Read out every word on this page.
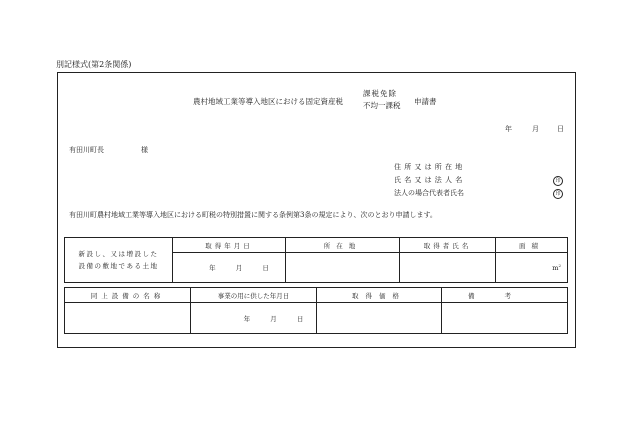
別記様式(第2条関係)
農村地域工業等導入地区における固定資産税
課税免除
不均一課税 申請書
年	月	日
有田川町長	様
住所又は所在地
氏名又は法人名	印
法人の場合代表者氏名	印
有田川町農村地域工業等導入地区における町税の特別措置に関する条例第3条の規定により、次のとおり申請します。
新設し、又は増設した
設備の敷地である土地	取得年月日	所在地	取得者氏名	面積
	年 月 日			$m^2$
同上設備の名称	事業の用に供した年月日	取得価格	備考
	年 月 日		
